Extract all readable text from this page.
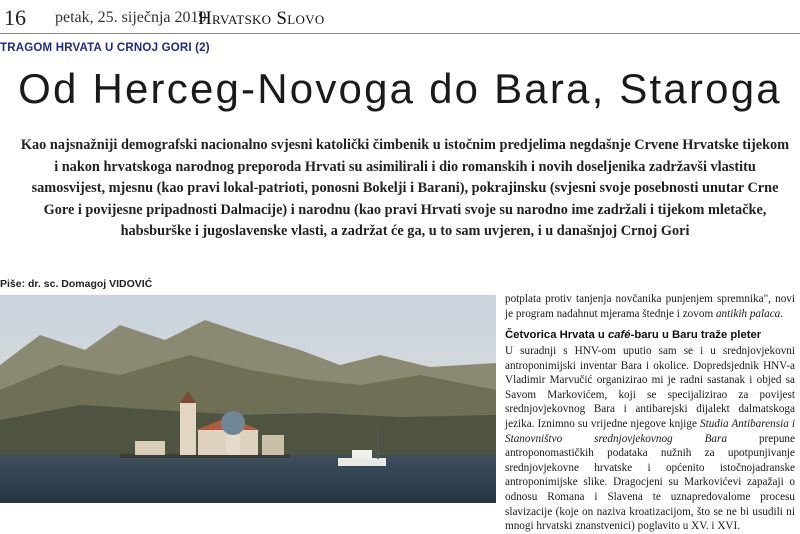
16 petak, 25. siječnja 2019.
Hrvatsko Slovo
TRAGOM HRVATA U CRNOJ GORI (2)
Od Herceg-Novoga do Bara, Staroga

Kao najsnažniji demografski nacionalno svjesni katolički čimbenik u istočnim predjelima negdašnje Crvene Hrvatske tijekom i nakon hrvatskoga narodnog preporoda Hrvati su asimilirali i dio romanskih i novih doseljenika zadržavši vlastitu samosvijest, mjesnu (kao pravi lokal-patrioti, ponosni Bokelji i Barani), pokrajinsku (svjesni svoje posebnosti unutar Crne Gore i povijesne pripadnosti Dalmacije) i narodnu (kao pravi Hrvati svoje su narodno ime zadržali i tijekom mletačke, habsburške i jugoslavenske vlasti, a zadržat će ga, u to sam uvjeren, i u današnjoj Crnoj Gori

Piše: dr. sc. Domagoj VIDOVIĆ
potplata protiv tanjenja novčanika punjenjem spremnika", novi je program nadahnut mjerama štednje i zovom antikih palaca.
Četvorica Hrvata u café-baru u Baru traže pleter
U suradnji s HNV-om uputio sam se i u srednjovjekovni antroponimijski inventar Bara i okolice. Dopredsjednik HNV-a Vladimir Marvučić organizirao mi je radni sastanak i objed sa Savom Markovićem, koji se specijalizirao za povijest srednjovjekovnog Bara i antibarejski dijalekt dalmatskoga jezika. Iznimno su vrijedne njegove knjige Studia Antibarensia i Stanovništvo srednjovjekovnog Bara prepune antroponomastičkih podataka nužnih za upotpunjivanje srednjovjekovne hrvatske i općenito istočnojadranske antroponimijske slike. Dragocjeni su Markovićevi zapažaji o odnosu Romana i Slavena te uznapredovalome procesu slavizacije (koje on naziva kroatizacijom, što se ne bi usudili ni mnogi hrvatski znanstvenici) poglavito u XV. i XVI.
